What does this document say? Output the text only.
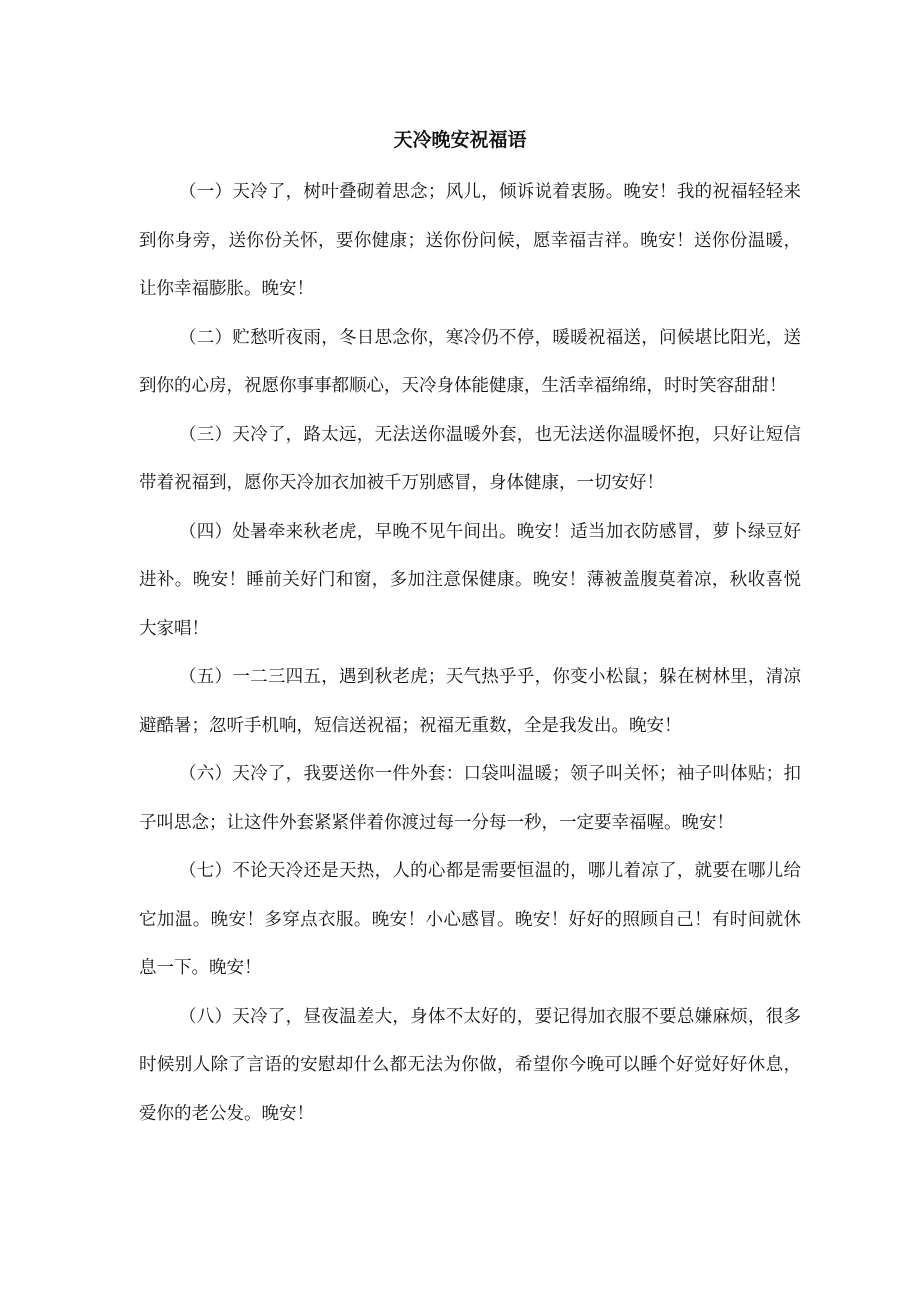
天冷晚安祝福语

（一）天冷了，树叶叠砌着思念；风儿，倾诉说着衷肠。晚安！我的祝福轻轻来到你身旁，送你份关怀，要你健康；送你份问候，愿幸福吉祥。晚安！送你份温暖，让你幸福膨胀。晚安！

（二）贮愁听夜雨，冬日思念你，寒冷仍不停，暖暖祝福送，问候堪比阳光，送到你的心房，祝愿你事事都顺心，天冷身体能健康，生活幸福绵绵，时时笑容甜甜！

（三）天冷了，路太远，无法送你温暖外套，也无法送你温暖怀抱，只好让短信带着祝福到，愿你天冷加衣加被千万别感冒，身体健康，一切安好！

（四）处暑牵来秋老虎，早晚不见午间出。晚安！适当加衣防感冒，萝卜绿豆好进补。晚安！睡前关好门和窗，多加注意保健康。晚安！薄被盖腹莫着凉，秋收喜悦大家唱！

（五）一二三四五，遇到秋老虎；天气热乎乎，你变小松鼠；躲在树林里，清凉避酷暑；忽听手机响，短信送祝福；祝福无重数，全是我发出。晚安！

（六）天冷了，我要送你一件外套：口袋叫温暖；领子叫关怀；袖子叫体贴；扣子叫思念；让这件外套紧紧伴着你渡过每一分每一秒，一定要幸福喔。晚安！

（七）不论天冷还是天热，人的心都是需要恒温的，哪儿着凉了，就要在哪儿给它加温。晚安！多穿点衣服。晚安！小心感冒。晚安！好好的照顾自己！有时间就休息一下。晚安！

（八）天冷了，昼夜温差大，身体不太好的，要记得加衣服不要总嫌麻烦，很多时候别人除了言语的安慰却什么都无法为你做，希望你今晚可以睡个好觉好好休息，爱你的老公发。晚安！
